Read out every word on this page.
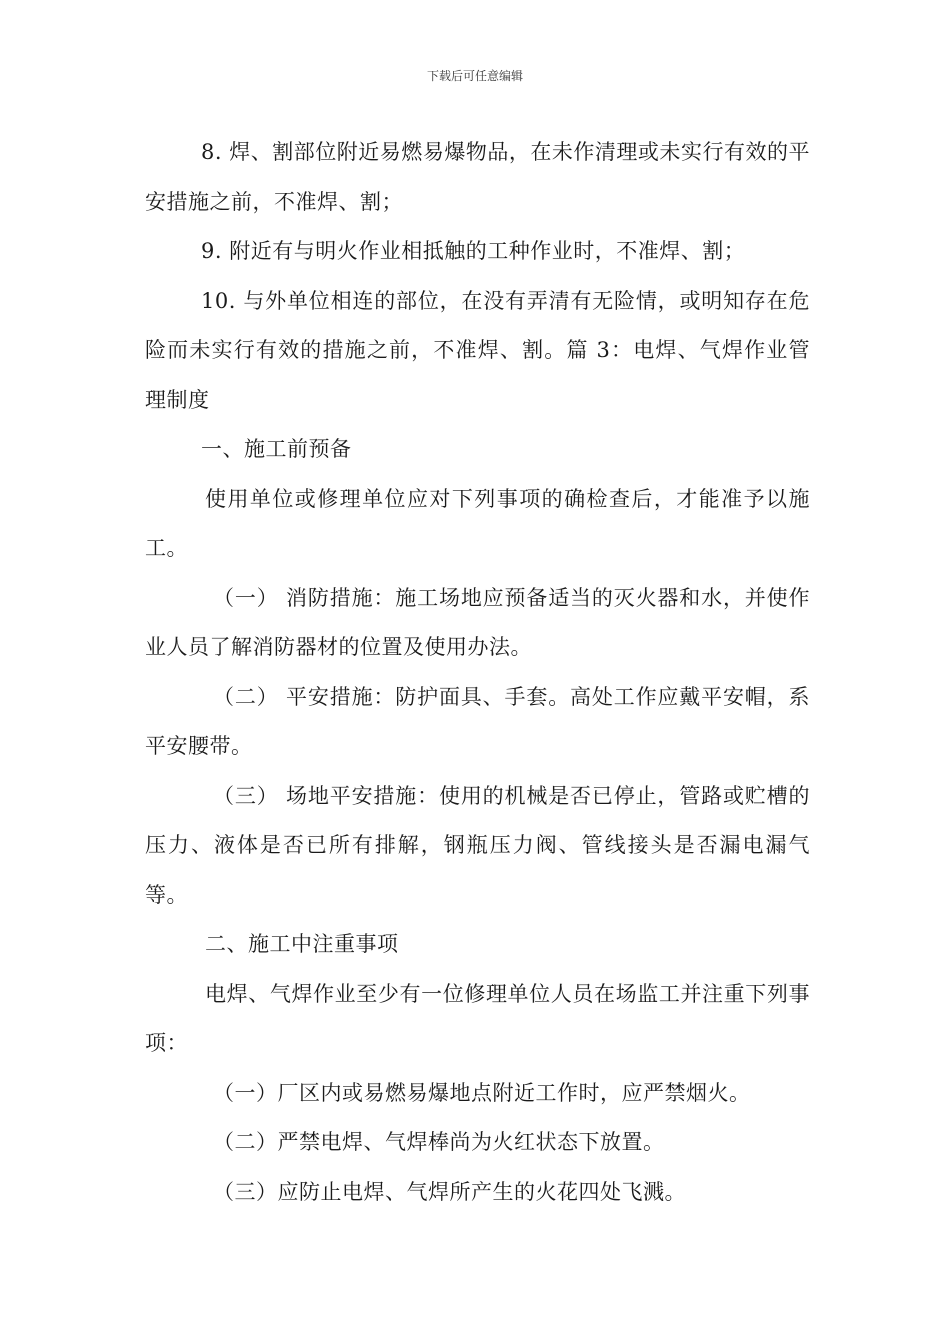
下载后可任意编辑

8. 焊、割部位附近易燃易爆物品，在未作清理或未实行有效的平安措施之前，不准焊、割；

9. 附近有与明火作业相抵触的工种作业时，不准焊、割；

10. 与外单位相连的部位，在没有弄清有无险情，或明知存在危险而未实行有效的措施之前，不准焊、割。篇 3：电焊、气焊作业管理制度

一、施工前预备

使用单位或修理单位应对下列事项的确检查后，才能准予以施工。

（一） 消防措施：施工场地应预备适当的灭火器和水，并使作业人员了解消防器材的位置及使用办法。

（二） 平安措施：防护面具、手套。高处工作应戴平安帽，系平安腰带。

（三） 场地平安措施：使用的机械是否已停止，管路或贮槽的压力、液体是否已所有排解，钢瓶压力阀、管线接头是否漏电漏气等。

二、施工中注重事项

电焊、气焊作业至少有一位修理单位人员在场监工并注重下列事项：

（一）厂区内或易燃易爆地点附近工作时，应严禁烟火。

（二）严禁电焊、气焊棒尚为火红状态下放置。

（三）应防止电焊、气焊所产生的火花四处飞溅。
